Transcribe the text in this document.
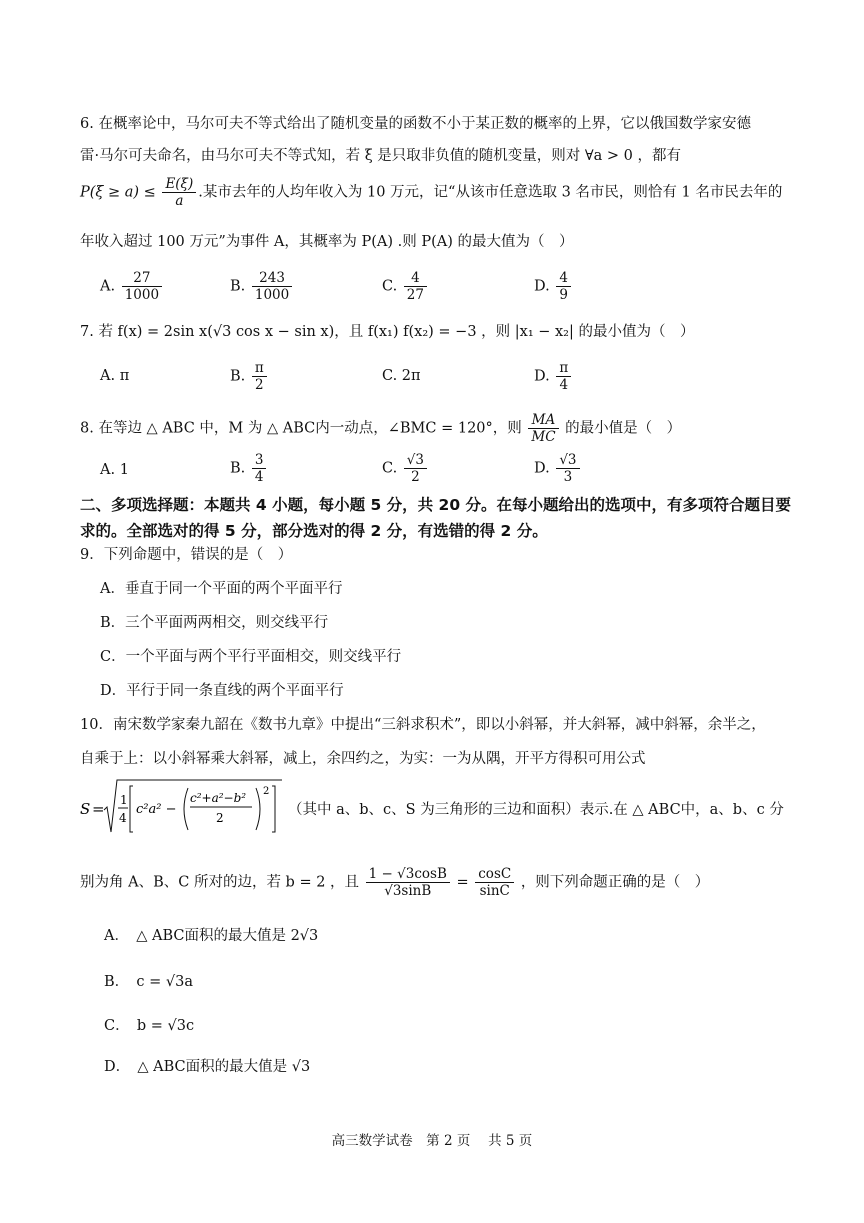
6. 在概率论中，马尔可夫不等式给出了随机变量的函数不小于某正数的概率的上界，它以俄国数学家安德
雷·马尔可夫命名，由马尔可夫不等式知，若 ξ 是只取非负值的随机变量，则对 ∀a > 0 ，都有
$P(\xi \ge a) \le \frac{E(\xi)}{a}$ .某市去年的人均年收入为 10 万元，记“从该市任意选取 3 名市民，则恰有 1 名市民去年的
年收入超过 100 万元”为事件 A，其概率为 P(A) .则 P(A) 的最大值为（　）
A. $\frac{27}{1000}$	B. $\frac{243}{1000}$	C. $\frac{4}{27}$	D. $\frac{4}{9}$
7. 若 f(x) = 2sin x(√3 cos x − sin x)，且 f(x₁) f(x₂) = −3 ，则 |x₁ − x₂| 的最小值为（　）
A. π	B. $\frac{\pi}{2}$	C. 2π	D. $\frac{\pi}{4}$
8. 在等边 △ ABC 中，M 为 △ ABC内一动点，∠BMC = 120°，则 $\frac{MA}{MC}$ 的最小值是（　）
A. 1	B. $\frac{3}{4}$	C. $\frac{√3}{2}$	D. $\frac{√3}{3}$
二、多项选择题：本题共 4 小题，每小题 5 分，共 20 分。在每小题给出的选项中，有多项符合题目要求的。全部选对的得 5 分，部分选对的得 2 分，有选错的得 2 分。
9．下列命题中，错误的是（　）
A．垂直于同一个平面的两个平面平行
B．三个平面两两相交，则交线平行
C．一个平面与两个平行平面相交，则交线平行
D．平行于同一条直线的两个平面平行
10．南宋数学家秦九韶在《数书九章》中提出“三斜求积术”，即以小斜幂，并大斜幂，减中斜幂，余半之，
自乘于上：以小斜幂乘大斜幂，减上，余四约之，为实：一为从隅，开平方得积可用公式
S = 1
4
c²a² −
c²+a²−b²
2
2
（其中 a、b、c、S 为三角形的三边和面积）表示.在 △ ABC中，a、b、c 分
别为角 A、B、C 所对的边，若 b = 2 ，且 $\frac{1 - √3\cos B}{√3\sin B} = \frac{\cos C}{\sin C}$ ，则下列命题正确的是（　）
A．　△ ABC面积的最大值是 2√3
B．　c = √3a
C．　b = √3c
D．　△ ABC面积的最大值是 √3
高三数学试卷　第 2 页　 共 5 页
